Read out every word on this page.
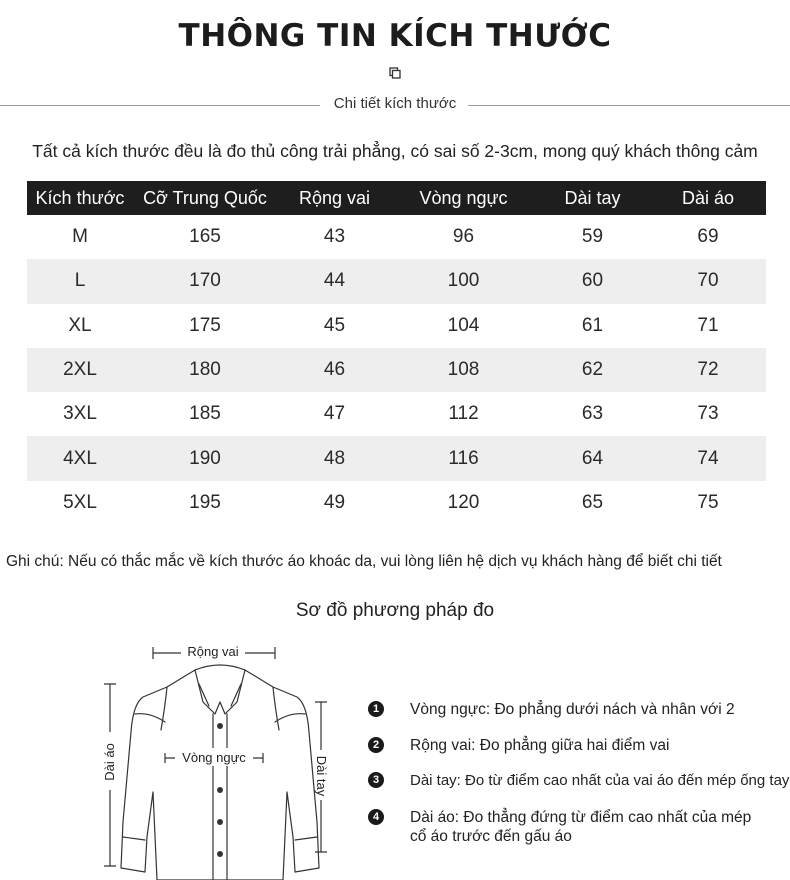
THÔNG TIN KÍCH THƯỚC
Chi tiết kích thước
Tất cả kích thước đều là đo thủ công trải phẳng, có sai số 2-3cm, mong quý khách thông cảm
Kích thước	Cỡ Trung Quốc	Rộng vai	Vòng ngực	Dài tay	Dài áo
M	165	43	96	59	69
L	170	44	100	60	70
XL	175	45	104	61	71
2XL	180	46	108	62	72
3XL	185	47	112	63	73
4XL	190	48	116	64	74
5XL	195	49	120	65	75
Ghi chú: Nếu có thắc mắc về kích thước áo khoác da, vui lòng liên hệ dịch vụ khách hàng để biết chi tiết
Sơ đồ phương pháp đo
Rộng vai
Vòng ngực
Dài áo	Dài tay
1	Vòng ngực: Đo phẳng dưới nách và nhân với 2
2	Rộng vai: Đo phẳng giữa hai điểm vai
3	Dài tay: Đo từ điểm cao nhất của vai áo đến mép ống tay
4	Dài áo: Đo thẳng đứng từ điểm cao nhất của mép
cổ áo trước đến gấu áo
